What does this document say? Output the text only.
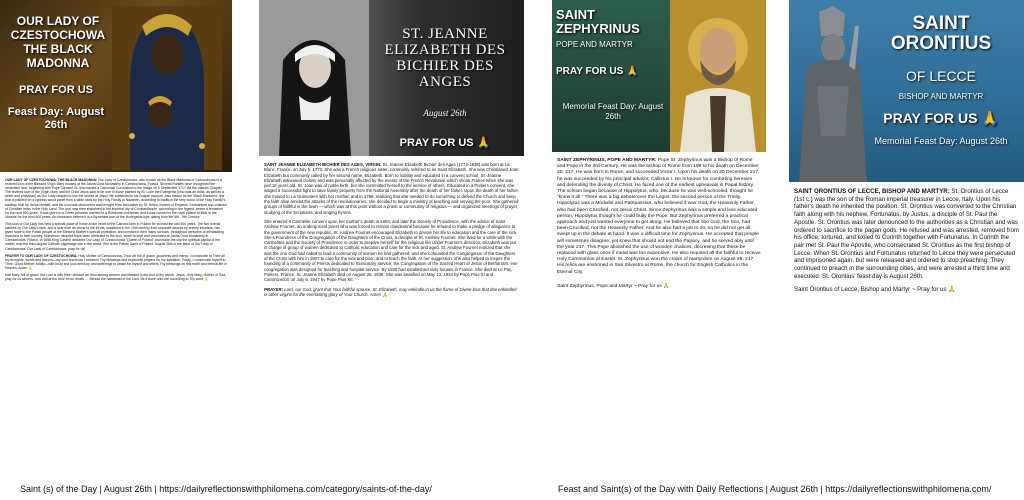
OUR LADY OF CZESTOCHOWA THE BLACK MADONNA
PRAY FOR US
Feast Day: August 26th

OUR LADY OF CZESTOCHOWA, THE BLACK MADONNA: Our Lady of Czestochowa, also known as the Black Madonna of Czestochowa is a revered icon of the Blessed Virgin Mary housed at the Jasna Gora Monastery in Czestochowa, Poland. Several Pontiffs have recognised the venerated icon, beginning with Pope Clement XI, who issued a Canonical Coronation to the image on 8 September 1717 via the Vatican Chapter. The revered icon of the Virgin Mary and the Child Jesus said to be one of those painted by St. Luke the Evangelist (who was an artist, as well as a writer and physician) as Our Lady relayed to him the stories of Jesus' life contained in his Gospel account. Also known as the 'Black Madonna', the icon is painted on a cypress wood panel from a table used by the Holy Family in Nazareth, according to tradition the very wood of the Holy Family's tabletop built by Jesus himself, and the icon was discovered and brought from Jerusalem by St. Helen, mother of Emperor Constantine and collector of Christian relics in the Holy Land. The icon was then enshrined in the imperial city of Constantinople, according to the legend, where it remained for the next 500 years. It was given to a Greek princess married to a Ruthenian nobleman and it was housed in the royal palace at Belz in the Ukraine for the next 600 years. Art historians believe it is a Byzantine icon of the Hodegetria type dating from the 6th - 9th Century.

This icon of Our Lady has held a special place of honor at the heart of the Catholic faith in Poland for at least the last 600 years. The two overall slashes on Our Lady's face, and a scar from an arrow to the throat, sustained in the 15th century from separate attacks by enemy invaders, has given hope to the Polish people of the Blessed Mother's special protection, and comfort in their many sorrows, throughout centuries of devastating invasions to their country. Numerous miracles have been attributed to the icon, which is kept and venerated at Jasna Gora Monastery in Czestochowa, Poland. In 1656 King Casimir declared Our Lady of Czestochowa "Queen of Poland" and made the city the spiritual capital of the nation, now the third-largest Catholic pilgrimage site in the world. She is the Patron Saint of Poland. August 26th is the feast of Our Lady of Czestochowa. Our Lady of Czestochowa, pray for us!

PRAYER TO OUR LADY OF CZESTOCHOWA: Holy Mother of Czestochowa, Thou art full of grace, goodness and mercy. I consecrate to Thee all my thoughts, words and actions—my soul and body. I beseech Thy blessings and especially prayers for my salvation. Today, I consecrate myself to Thee, Good Mother, totally—with body and soul amid joy and sufferings to obtain for myself and others Thy blessings on this earth and eternal life in Heaven. Amen 🙏

Hail Mary, full of grace, the Lord is with thee; blessed art thou among women and blessed is the fruit of thy womb, Jesus. Holy Mary, Mother of God, pray for us sinners, now and at the hour of our death. ... Behold the handmaid of the Lord. Be it done unto me according to Thy word 🙏

ST. JEANNE ELIZABETH DES BICHIER DES ANGES
August 26th
PRAY FOR US 🙏

SAINT JEANNE ELIZABETH BICHIER DES AGES, VIRGIN: St. Jeanne-Elizabeth Bichier des Ages (1773-1838) was born at La Blanc, France, on July 5, 1773. She was a French religious sister, commonly referred to as Saint Elizabeth. She was Christianed Joan Elizabeth but commonly called by her second name, Elizabeth. Born to nobility and educated in a convent school, St. Jeanne Elizabeth witnessed closely and was personally affected by the events of the French Revolution which shook France when she was just 16 years old. St. Joan was of noble birth, but she committed herself to the service of others. Educated in a Poitiers convent, she waged a successful fight to save family property from the National Assembly after the death of her father. Upon the death of her father, she moved to La Guimetiere with her mother, and in 1796, realizing that she needed to do something to defend the Church and keep the faith alive amidst the attacks of the revolutionaries, she decided to begin a ministry of teaching and serving the poor. She gathered groups of faithful in the town — which was at this point without a priest or community of religious — and organized meetings of prayer, studying of the Scriptures, and singing hymns.

She entered a Carmelite convent upon her mother's death in 1804, and later the Society of Providence, with the advice of Saint Andrew Fournet, an underground priest who was forced to remain clandestine because he refused to make a pledge of allegiance to the government of the new republic. St. Andrew Fournet encouraged Elizabeth to devote her life to education and the care of the sick. She's Foundress of the Congregation of the Daughters of the Cross, a disciple of St. Andrew Fournet. She lived for a while with the Carmelites and the Society of Providence in order to prepare herself for the religious life Under Fournet's direction, Elizabeth was put in charge of group of women dedicated to Catholic education and care for the sick and aged. St. Andrew Fournet realized that she was the one God had called to lead a community of women he had gathered, and she cofounded the Congregation of the Daughters of the Cross with him in 1807 to care for the sick and poor, and to teach the faith. At her suggestion, she also helped to inspire the founding of a community of Priests dedicated to missionary service, the Congregation of the Sacred Heart of Jesus of Betharram. Her congregation was designed for teaching and hospital service. By 1830 had established sixty houses in France. She died at Le Pay, Poitiers, France. St. Jeanne Elizabeth died on August 26, 1838. She was beatified on May 13, 1934 by Pope Pius XI and Canonizedon on July 6, 1947 by Pope Pius XII.

PRAYER: Lord, our God, grant that Your faithful spouse, St. Elizabeth, may enkindle in us the flame of Divine love that she enkindled in other virgins for the everlasting glory of Your Church. Amen 🙏

SAINT ZEPHYRINUS
POPE AND MARTYR
PRAY FOR US 🙏
Memorial Feast Day: August 26th

SAINT ZEPHYRINUS, POPE AND MARTYR: Pope St. Zephyrinus was a Bishop of Rome and Pope in the 3rd Century. He was the bishop of Rome from 199 to his death on December 20, 217. He was born in Rome, and succeeded Victor I. Upon his death on 20 December 217, he was succeeded by his principal advisor, Callixtus I. He is known for combating heresies and defending the divinity of Christ. He faced one of the earliest upheavals in Papal history. The schism began because of Hippolytus, who, because he was well-schooled, thought he "knew it all." There was a big debate over the Logos, the second person of the Trinity. Hippolytus was a Modalist and Patripassian, who believed it was God, the Heavenly Father, who had been Crucified, not Jesus Christ. Since Zephyrinus was a simple and less educated person, Hippolytus thought he could bully the Pope. But Zephyrinus preferred a practical approach and just wanted everyone to get along. He believed that one God, the Son, had been Crucified, not the Heavenly Father. And he also had a job to do, so he did not get all swept up in the debate at hand. It was a difficult time for Zephyrinus. He accepted that people will sometimes disagree, yet knew that should not end the Papacy, and he served ably until the year 217. This Pope abolished the use of wooden chalices, decreeing that these be replaced with glass ones if metal was too expensive. He also required all the faithful to receive Holy Communion at Easter. St. Zephyrinus won the crown of martyrdom on August 26, 217. His relics are enshrined in San Silvestro at Rome, the church for English Catholics in the Eternal City.

Saint Zephyrinus, Pope and Martyr ~ Pray for us 🙏

SAINT ORONTIUS
OF LECCE
BISHOP AND MARTYR
PRAY FOR US 🙏
Memorial Feast Day: August 26th

SAINT ORONTIUS OF LECCE, BISHOP AND MARTYR: St. Orontius of Lecce (1st c.) was the son of the Roman imperial treasurer in Lecce, Italy. Upon his father's death he inherited the position. St. Orontius was converted to the Christian faith along with his nephew, Fortunatus, by Justus, a disciple of St. Paul the Apostle. St. Orontius was later denounced to the authorities as a Christian and was ordered to sacrifice to the pagan gods. He refused and was arrested, removed from his office, tortured, and exiled to Corinth together with Fortunatus. In Corinth the pair met St. Paul the Apostle, who consecrated St. Orontius as the first bishop of Lecce. When St. Orontius and Fortunatus returned to Lecce they were persecuted and imprisoned again, but were released and ordered to stop preaching. They continued to preach in the surrounding cities, and were arrested a third time and executed. St. Orontius' feast day is August 26th.

Saint Orontius of Lecce, Bishop and Martyr ~ Pray for us 🙏

Saint (s) of the Day | August 26th | https://dailyreflectionswithphilomena.com/category/saints-of-the-day/	Feast and Saint(s) of the Day with Daily Reflections | August 26th | https://dailyreflectionswithphilomena.com/
